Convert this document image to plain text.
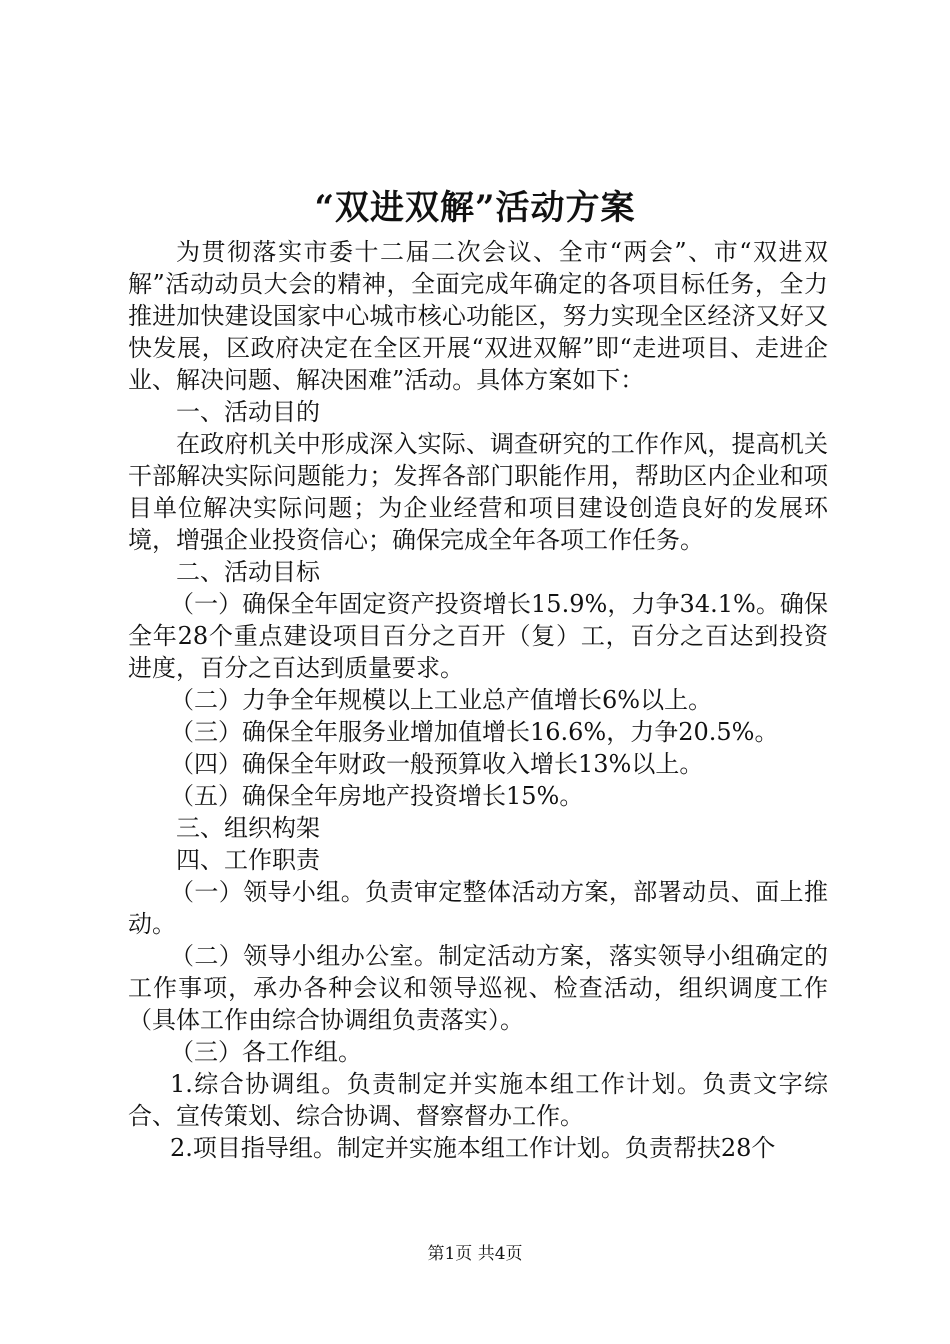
“双进双解”活动方案

为贯彻落实市委十二届二次会议、全市“两会”、市“双进双解”活动动员大会的精神，全面完成年确定的各项目标任务，全力推进加快建设国家中心城市核心功能区，努力实现全区经济又好又快发展，区政府决定在全区开展“双进双解”即“走进项目、走进企业、解决问题、解决困难”活动。具体方案如下：

一、活动目的

在政府机关中形成深入实际、调查研究的工作作风，提高机关干部解决实际问题能力；发挥各部门职能作用，帮助区内企业和项目单位解决实际问题；为企业经营和项目建设创造良好的发展环境，增强企业投资信心；确保完成全年各项工作任务。

二、活动目标

（一）确保全年固定资产投资增长15.9%，力争34.1%。确保全年28个重点建设项目百分之百开（复）工，百分之百达到投资进度，百分之百达到质量要求。

（二）力争全年规模以上工业总产值增长6%以上。

（三）确保全年服务业增加值增长16.6%，力争20.5%。

（四）确保全年财政一般预算收入增长13%以上。

（五）确保全年房地产投资增长15%。

三、组织构架

四、工作职责

（一）领导小组。负责审定整体活动方案，部署动员、面上推动。

（二）领导小组办公室。制定活动方案，落实领导小组确定的工作事项，承办各种会议和领导巡视、检查活动，组织调度工作（具体工作由综合协调组负责落实）。

（三）各工作组。

1.综合协调组。负责制定并实施本组工作计划。负责文字综合、宣传策划、综合协调、督察督办工作。

2.项目指导组。制定并实施本组工作计划。负责帮扶28个

第1页 共4页
